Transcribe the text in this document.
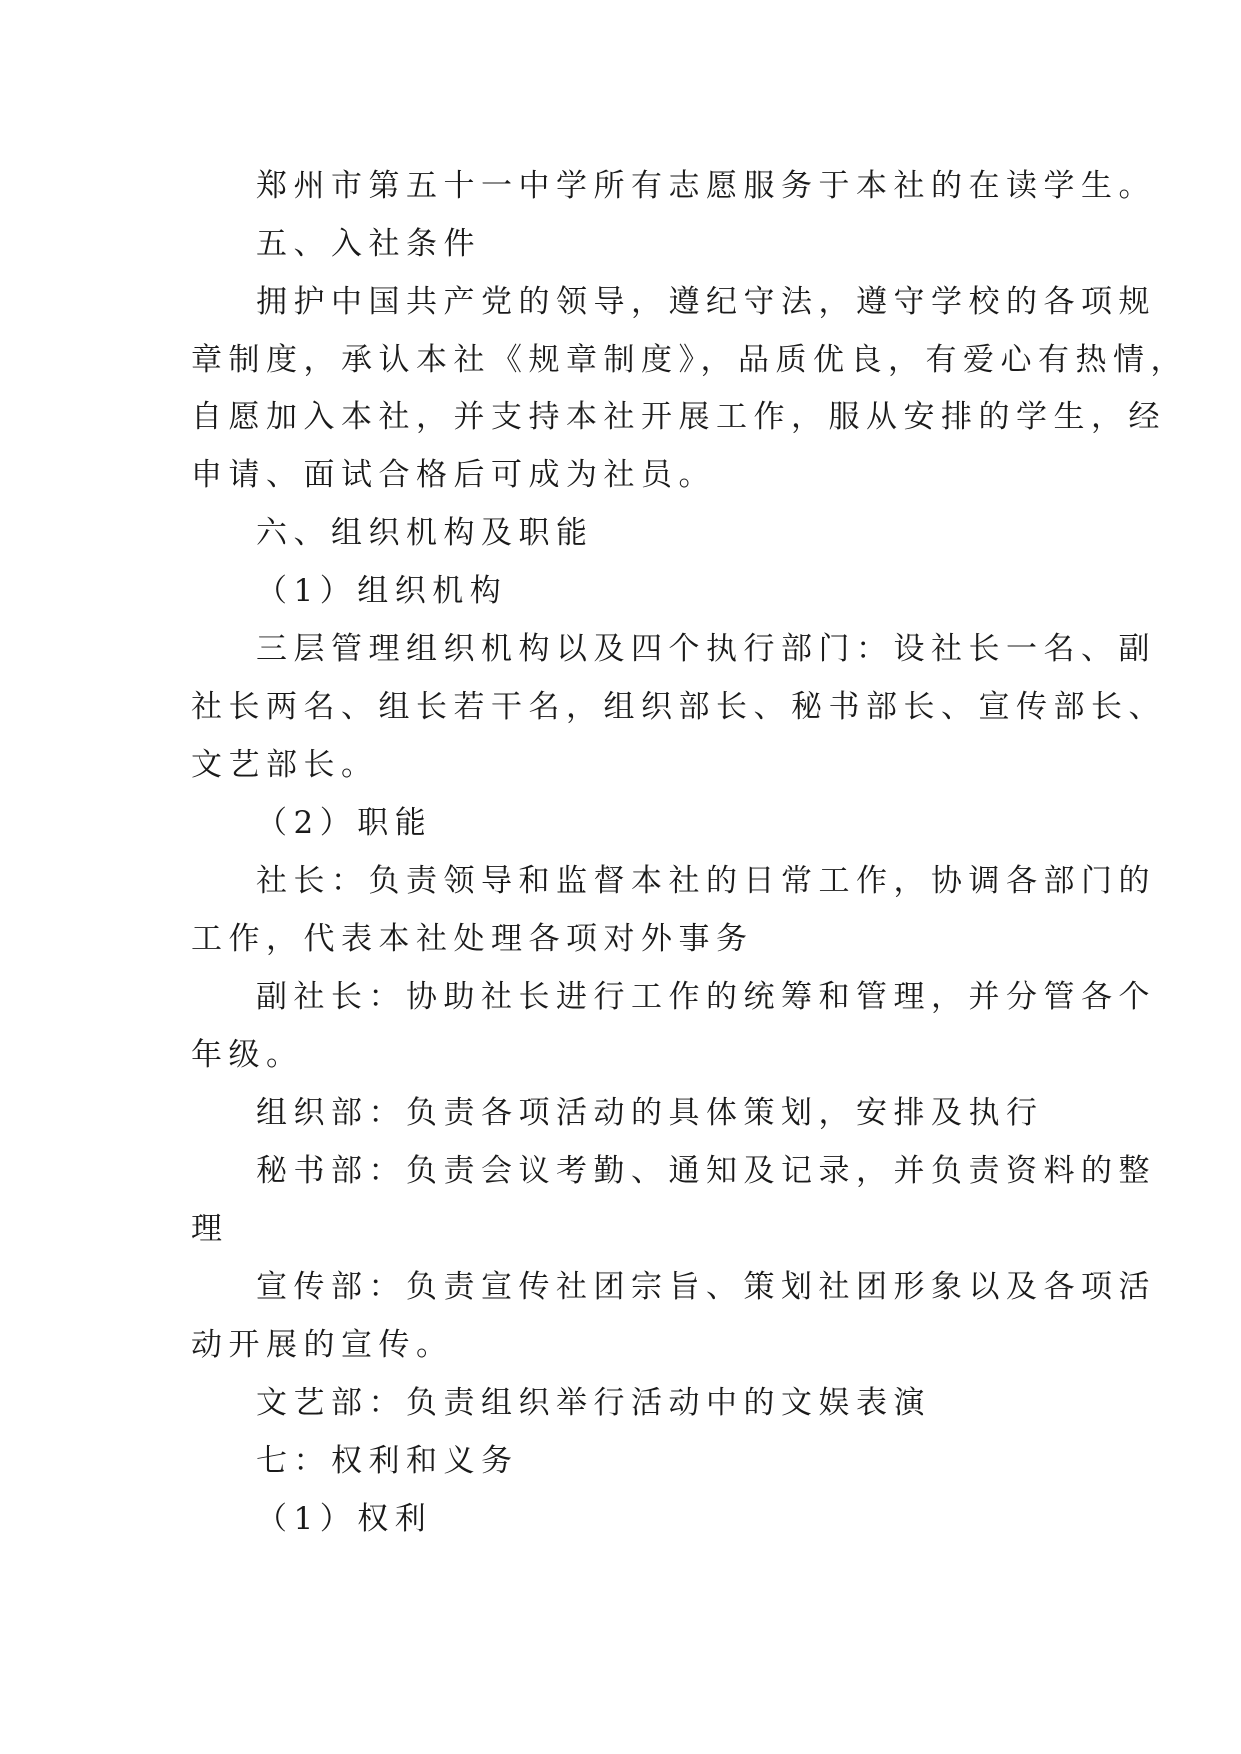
郑州市第五十一中学所有志愿服务于本社的在读学生。
五、入社条件
拥护中国共产党的领导，遵纪守法，遵守学校的各项规
章制度，承认本社《规章制度》，品质优良，有爱心有热情，
自愿加入本社，并支持本社开展工作，服从安排的学生，经
申请、面试合格后可成为社员。
六、组织机构及职能
（1）组织机构
三层管理组织机构以及四个执行部门：设社长一名、副
社长两名、组长若干名，组织部长、秘书部长、宣传部长、
文艺部长。
（2）职能
社长：负责领导和监督本社的日常工作，协调各部门的
工作，代表本社处理各项对外事务
副社长：协助社长进行工作的统筹和管理，并分管各个
年级。
组织部：负责各项活动的具体策划，安排及执行
秘书部：负责会议考勤、通知及记录，并负责资料的整
理
宣传部：负责宣传社团宗旨、策划社团形象以及各项活
动开展的宣传。
文艺部：负责组织举行活动中的文娱表演
七：权利和义务
（1）权利
